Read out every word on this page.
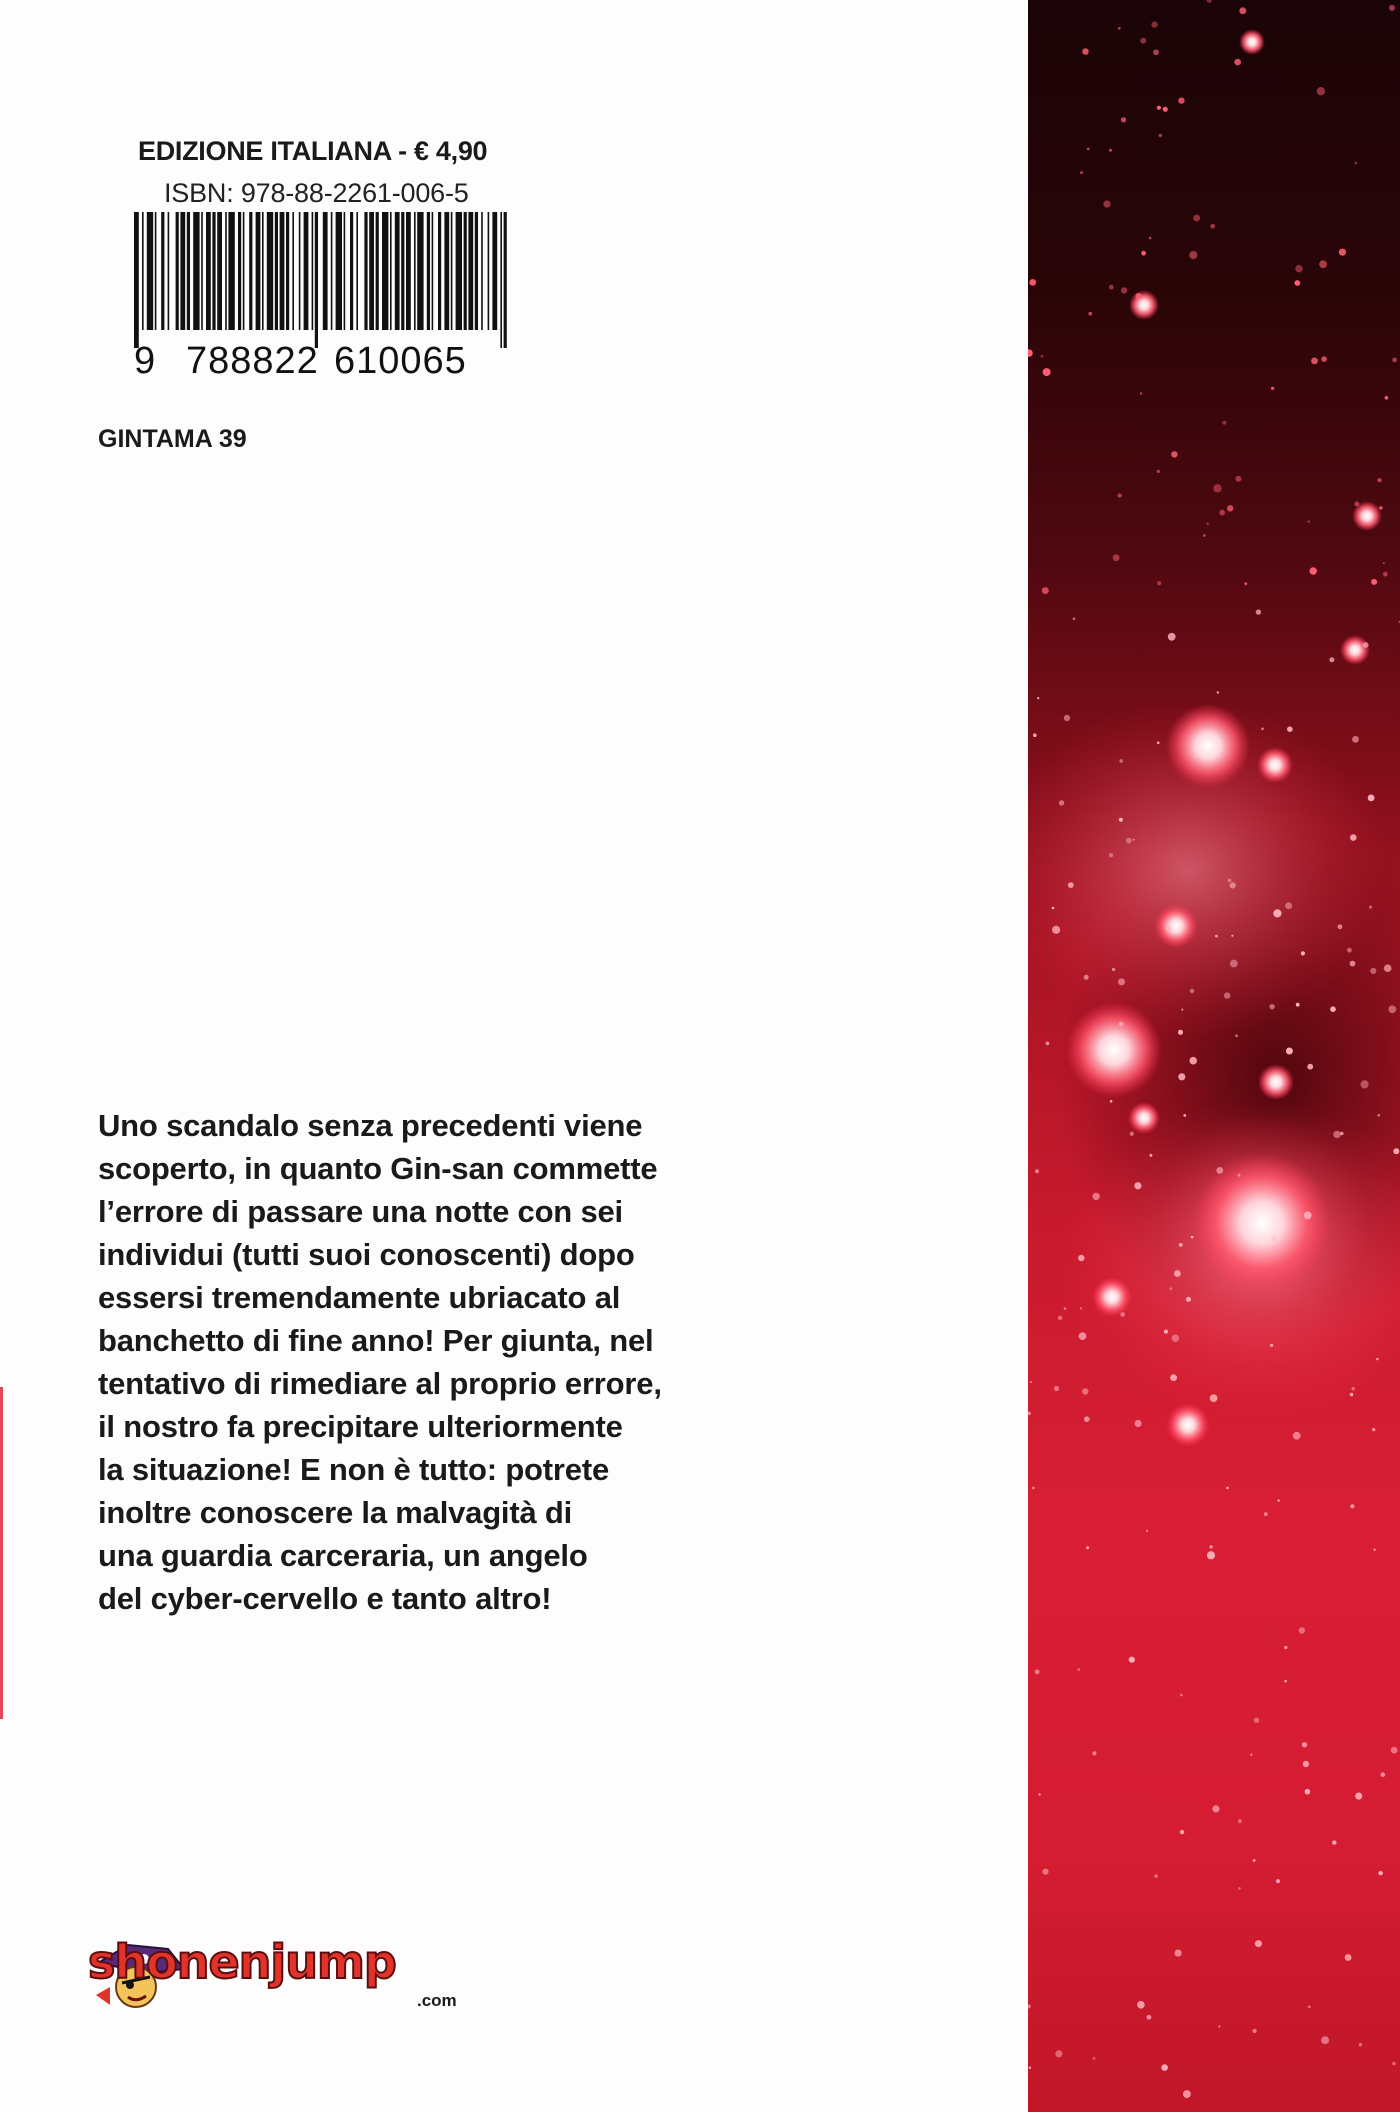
EDIZIONE ITALIANA - € 4,90

ISBN: 978-88-2261-006-5

9 788822 610065

GINTAMA 39

Uno scandalo senza precedenti viene

scoperto, in quanto Gin-san commette

l’errore di passare una notte con sei

individui (tutti suoi conoscenti) dopo

essersi tremendamente ubriacato al

banchetto di fine anno! Per giunta, nel

tentativo di rimediare al proprio errore,

il nostro fa precipitare ulteriormente

la situazione! E non è tutto: potrete

inoltre conoscere la malvagità di

una guardia carceraria, un angelo

del cyber-cervello e tanto altro!

shonenjump
.com
